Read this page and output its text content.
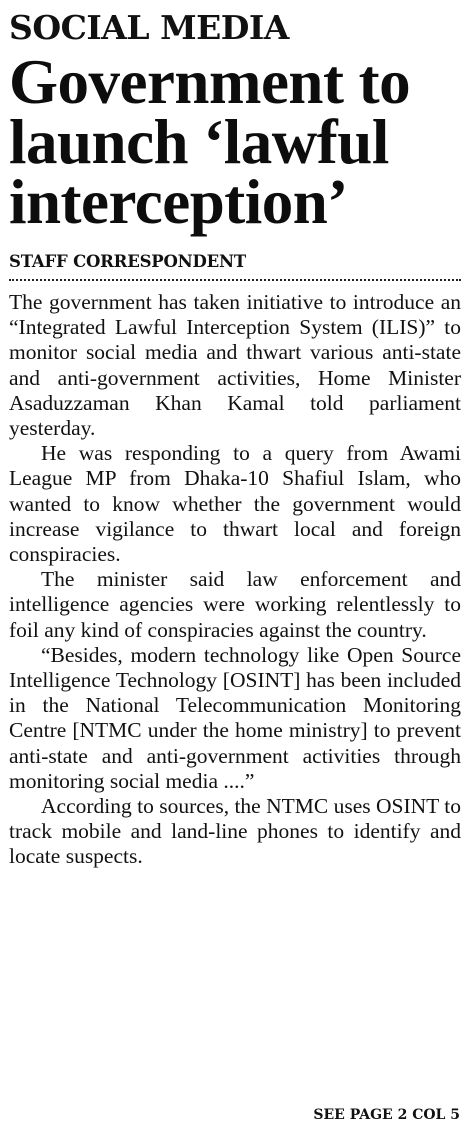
SOCIAL MEDIA
Government to launch ‘lawful interception’
STAFF CORRESPONDENT

The government has taken initiative to introduce an “Integrated Lawful Interception System (ILIS)” to monitor social media and thwart various anti-state and anti-government activities, Home Minister Asaduzzaman Khan Kamal told parliament yesterday.

He was responding to a query from Awami League MP from Dhaka-10 Shafiul Islam, who wanted to know whether the government would increase vigilance to thwart local and foreign conspiracies.

The minister said law enforcement and intelligence agencies were working relentlessly to foil any kind of conspiracies against the country.

“Besides, modern technology like Open Source Intelligence Technology [OSINT] has been included in the National Telecommunication Monitoring Centre [NTMC under the home ministry] to prevent anti-state and anti-government activities through monitoring social media ....”

According to sources, the NTMC uses OSINT to track mobile and land-line phones to identify and locate suspects.

SEE PAGE 2 COL 5
